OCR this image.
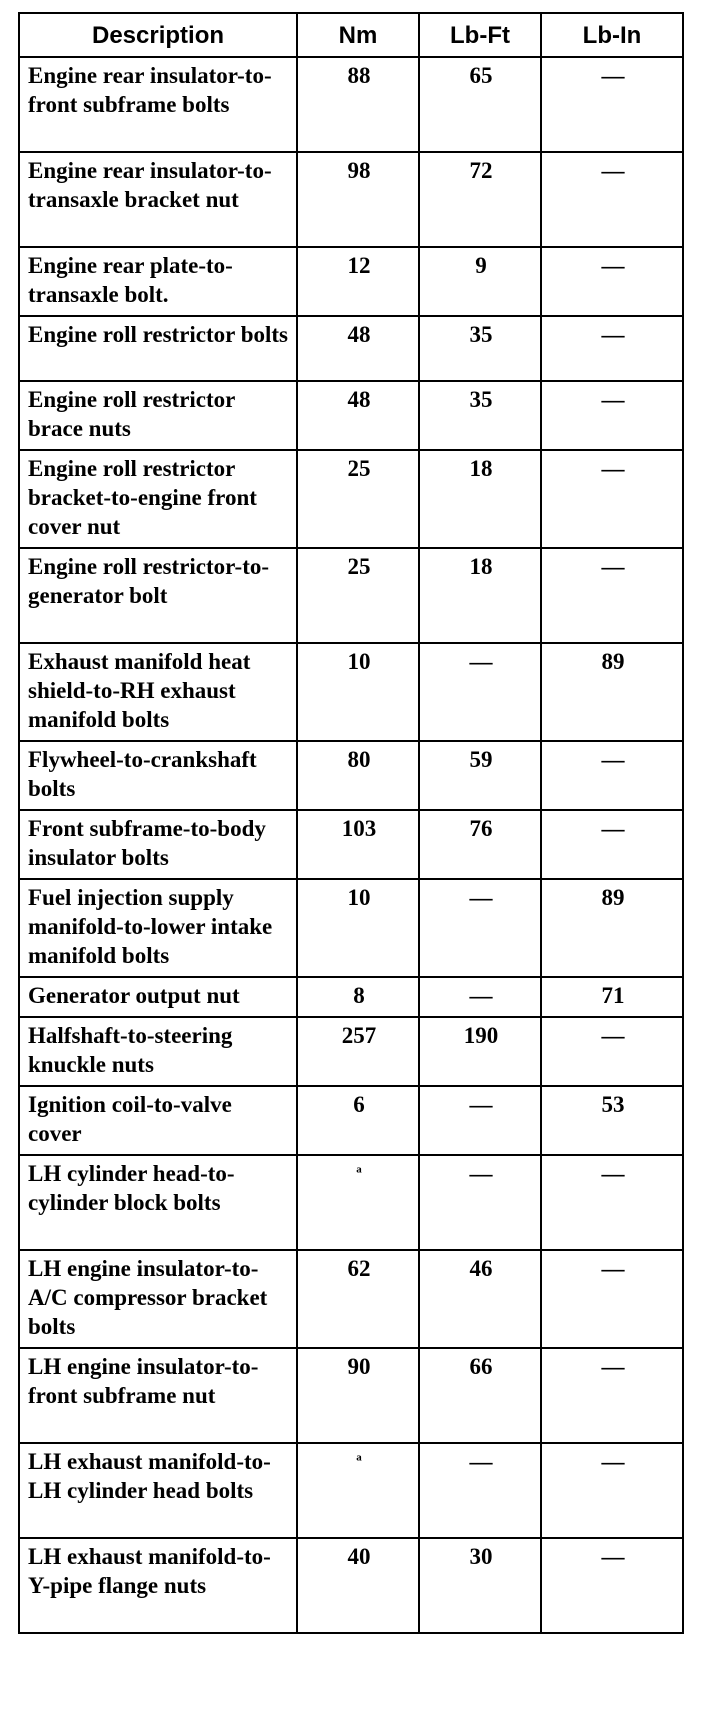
Description	Nm	Lb-Ft	Lb-In
Engine rear insulator-to-front subframe bolts	88	65	—
Engine rear insulator-to-transaxle bracket nut	98	72	—
Engine rear plate-to-transaxle bolt.	12	9	—
Engine roll restrictor bolts	48	35	—
Engine roll restrictor brace nuts	48	35	—
Engine roll restrictor bracket-to-engine front cover nut	25	18	—
Engine roll restrictor-to-generator bolt	25	18	—
Exhaust manifold heat shield-to-RH exhaust manifold bolts	10	—	89
Flywheel-to-crankshaft bolts	80	59	—
Front subframe-to-body insulator bolts	103	76	—
Fuel injection supply manifold-to-lower intake manifold bolts	10	—	89
Generator output nut	8	—	71
Halfshaft-to-steering knuckle nuts	257	190	—
Ignition coil-to-valve cover	6	—	53
LH cylinder head-to-cylinder block bolts	$^a$	—	—
LH engine insulator-to-A/C compressor bracket bolts	62	46	—
LH engine insulator-to-front subframe nut	90	66	—
LH exhaust manifold-to-LH cylinder head bolts	$^a$	—	—
LH exhaust manifold-to-Y-pipe flange nuts	40	30	—
